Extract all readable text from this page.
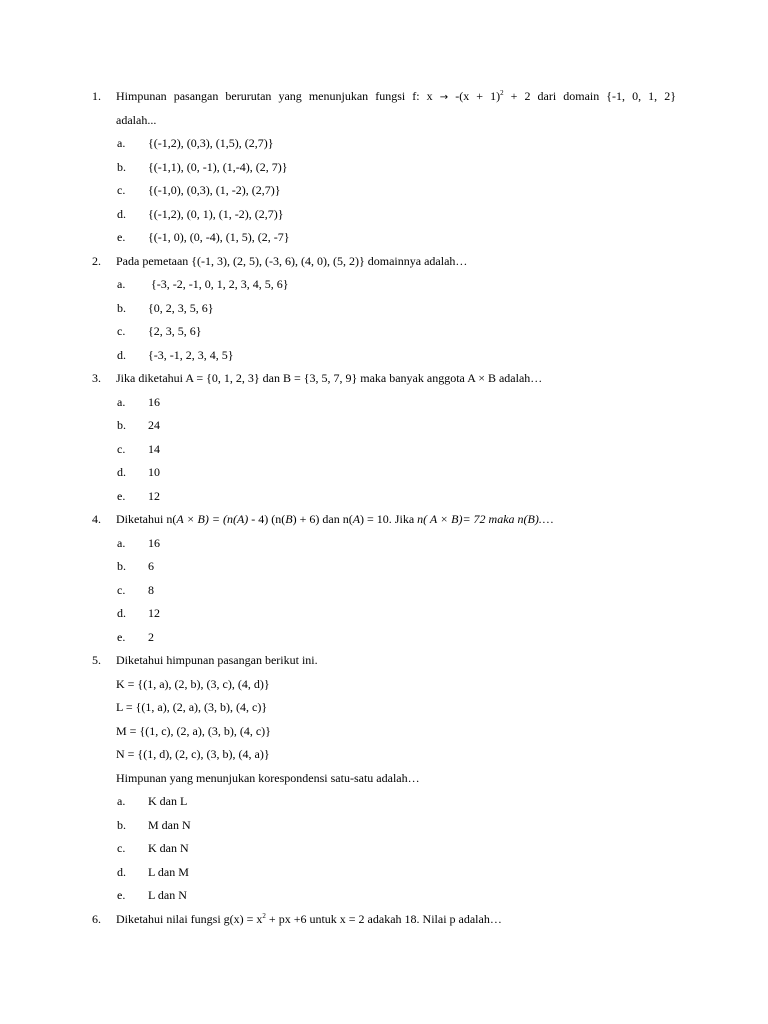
1. Himpunan pasangan berurutan yang menunjukan fungsi f: $x \to -(x + 1)^2 + 2$ dari domain {-1, 0, 1, 2}
adalah...
a. {(-1,2), (0,3), (1,5), (2,7)}
b. {(-1,1), (0, -1), (1,-4), (2, 7)}
c. {(-1,0), (0,3), (1, -2), (2,7)}
d. {(-1,2), (0, 1), (1, -2), (2,7)}
e. {(-1, 0), (0, -4), (1, 5), (2, -7}
2. Pada pemetaan {(-1, 3), (2, 5), (-3, 6), (4, 0), (5, 2)} domainnya adalah…
a. {-3, -2, -1, 0, 1, 2, 3, 4, 5, 6}
b. {0, 2, 3, 5, 6}
c. {2, 3, 5, 6}
d. {-3, -1, 2, 3, 4, 5}
3. Jika diketahui A = {0, 1, 2, 3} dan B = {3, 5, 7, 9} maka banyak anggota A × B adalah…
a. 16
b. 24
c. 14
d. 10
e. 12
4. Diketahui n(A × B) = (n(A) - 4) (n(B) + 6) dan n(A) = 10. Jika n( A × B)= 72 maka n(B).…
a. 16
b. 6
c. 8
d. 12
e. 2
5. Diketahui himpunan pasangan berikut ini.
K = {(1, a), (2, b), (3, c), (4, d)}
L = {(1, a), (2, a), (3, b), (4, c)}
M = {(1, c), (2, a), (3, b), (4, c)}
N = {(1, d), (2, c), (3, b), (4, a)}
Himpunan yang menunjukan korespondensi satu-satu adalah…
a. K dan L
b. M dan N
c. K dan N
d. L dan M
e. L dan N
6. Diketahui nilai fungsi $g(x) = x^2$ + px +6 untuk x = 2 adakah 18. Nilai p adalah…
